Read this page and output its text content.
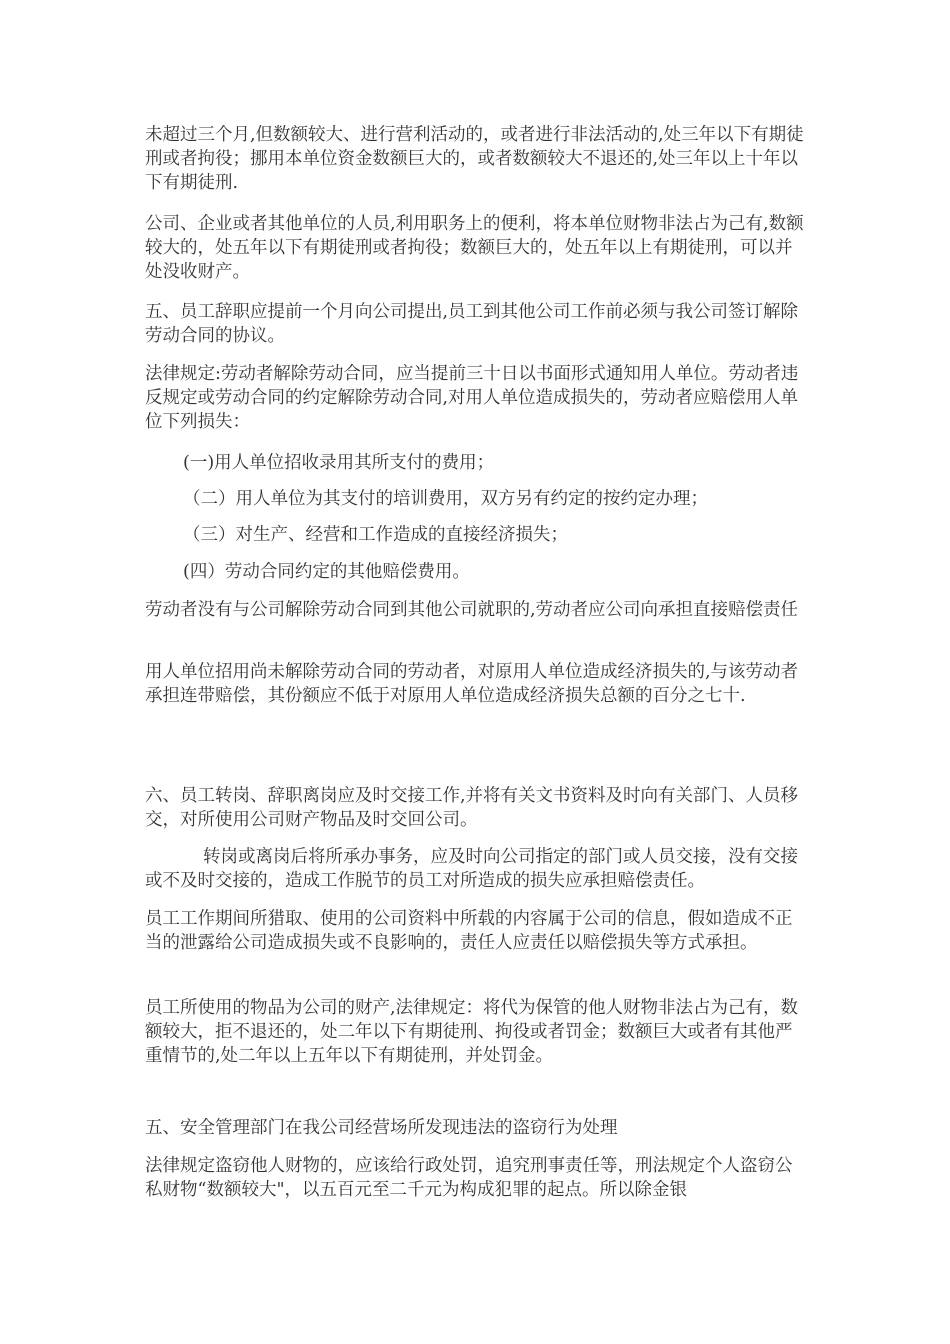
未超过三个月,但数额较大、进行营利活动的，或者进行非法活动的,处三年以下有期徒刑或者拘役；挪用本单位资金数额巨大的，或者数额较大不退还的,处三年以上十年以下有期徒刑.

公司、企业或者其他单位的人员,利用职务上的便利，将本单位财物非法占为己有,数额较大的，处五年以下有期徒刑或者拘役；数额巨大的，处五年以上有期徒刑，可以并处没收财产。

五、员工辞职应提前一个月向公司提出,员工到其他公司工作前必须与我公司签订解除劳动合同的协议。

法律规定:劳动者解除劳动合同，应当提前三十日以书面形式通知用人单位。劳动者违反规定或劳动合同的约定解除劳动合同,对用人单位造成损失的，劳动者应赔偿用人单位下列损失：

(一)用人单位招收录用其所支付的费用；

（二）用人单位为其支付的培训费用，双方另有约定的按约定办理；

（三）对生产、经营和工作造成的直接经济损失；

(四）劳动合同约定的其他赔偿费用。

劳动者没有与公司解除劳动合同到其他公司就职的,劳动者应公司向承担直接赔偿责任

用人单位招用尚未解除劳动合同的劳动者，对原用人单位造成经济损失的,与该劳动者承担连带赔偿，其份额应不低于对原用人单位造成经济损失总额的百分之七十.

六、员工转岗、辞职离岗应及时交接工作,并将有关文书资料及时向有关部门、人员移交，对所使用公司财产物品及时交回公司。

转岗或离岗后将所承办事务，应及时向公司指定的部门或人员交接，没有交接或不及时交接的，造成工作脱节的员工对所造成的损失应承担赔偿责任。

员工工作期间所猎取、使用的公司资料中所载的内容属于公司的信息，假如造成不正当的泄露给公司造成损失或不良影响的，责任人应责任以赔偿损失等方式承担。

员工所使用的物品为公司的财产,法律规定：将代为保管的他人财物非法占为己有，数额较大，拒不退还的，处二年以下有期徒刑、拘役或者罚金；数额巨大或者有其他严重情节的,处二年以上五年以下有期徒刑，并处罚金。

五、安全管理部门在我公司经营场所发现违法的盗窃行为处理

法律规定盗窃他人财物的，应该给行政处罚，追究刑事责任等，刑法规定个人盗窃公私财物“数额较大"，以五百元至二千元为构成犯罪的起点。所以除金银
